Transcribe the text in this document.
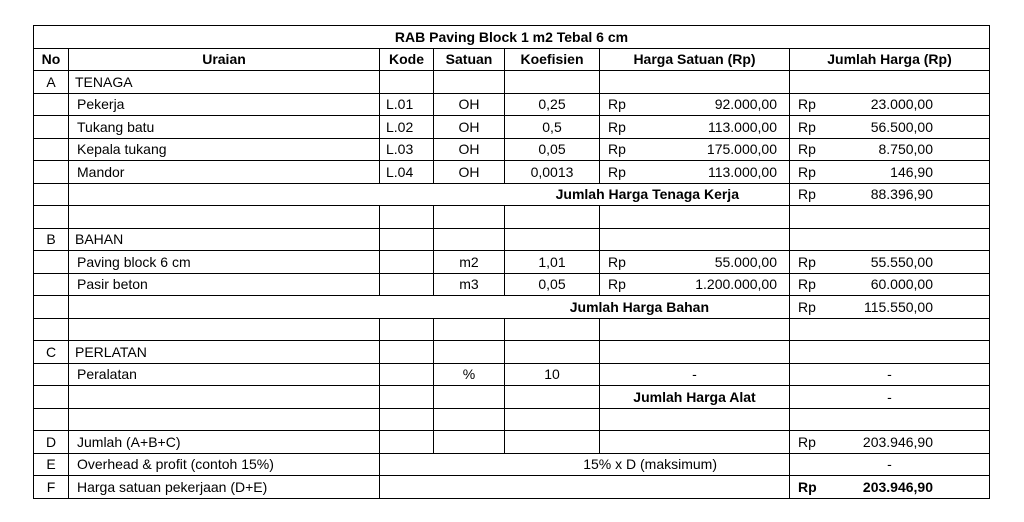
RAB Paving Block 1 m2 Tebal 6 cm						
No	Uraian	Kode	Satuan	Koefisien	Harga Satuan (Rp)	Jumlah Harga (Rp)
A	TENAGA					
	Pekerja	L.01	OH	0,25	Rp 92.000,00	Rp 23.000,00

	Tukang batu	L.02	OH	0,5	Rp 113.000,00	Rp 56.500,00

	Kepala tukang	L.03	OH	0,05	Rp 175.000,00	Rp 8.750,00

	Mandor	L.04	OH	0,0013	Rp 113.000,00	Rp 146,90

	Jumlah Harga Tenaga Kerja					Rp 88.396,90

B	BAHAN					
	Paving block 6 cm		m2	1,01	Rp 55.000,00	Rp 55.550,00

	Pasir beton		m3	0,05	Rp 1.200.000,00	Rp 60.000,00

	Jumlah Harga Bahan					Rp 115.550,00

C	PERLATAN					
	Peralatan		%	10	-	-
					Jumlah Harga Alat	-

D	Jumlah (A+B+C)					Rp 203.946,90

E	Overhead & profit (contoh 15%)	15% x D (maksimum)				-
F	Harga satuan pekerjaan (D+E)					Rp 203.946,90
